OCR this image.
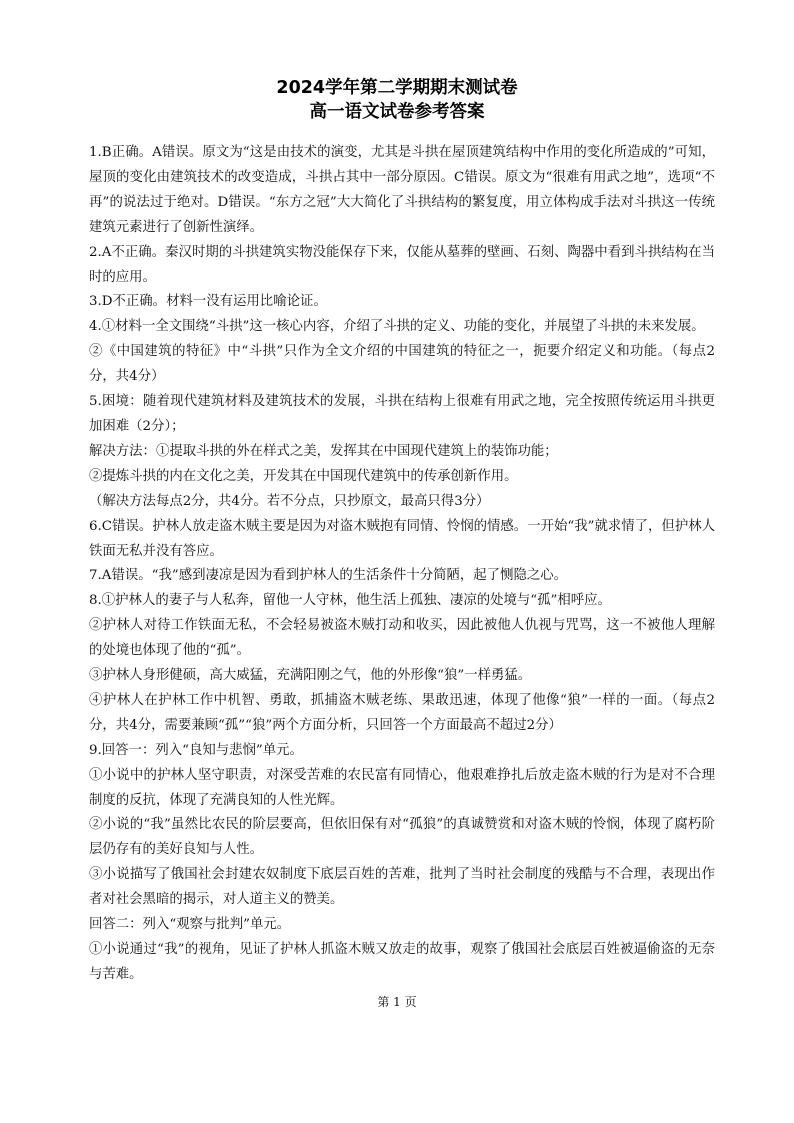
2024学年第二学期期末测试卷
高一语文试卷参考答案

1.B正确。A错误。原文为“这是由技术的演变，尤其是斗拱在屋顶建筑结构中作用的变化所造成的”可知，屋顶的变化由建筑技术的改变造成，斗拱占其中一部分原因。C错误。原文为“很难有用武之地”，选项“不再”的说法过于绝对。D错误。“东方之冠”大大简化了斗拱结构的繁复度，用立体构成手法对斗拱这一传统建筑元素进行了创新性演绎。

2.A不正确。秦汉时期的斗拱建筑实物没能保存下来，仅能从墓葬的壁画、石刻、陶器中看到斗拱结构在当时的应用。

3.D不正确。材料一没有运用比喻论证。

4.①材料一全文围绕“斗拱”这一核心内容，介绍了斗拱的定义、功能的变化，并展望了斗拱的未来发展。

②《中国建筑的特征》中“斗拱”只作为全文介绍的中国建筑的特征之一，扼要介绍定义和功能。（每点2分，共4分）

5.困境：随着现代建筑材料及建筑技术的发展，斗拱在结构上很难有用武之地，完全按照传统运用斗拱更加困难（2分）；

解决方法：①提取斗拱的外在样式之美，发挥其在中国现代建筑上的装饰功能；

②提炼斗拱的内在文化之美，开发其在中国现代建筑中的传承创新作用。

（解决方法每点2分，共4分。若不分点，只抄原文，最高只得3分）

6.C错误。护林人放走盗木贼主要是因为对盗木贼抱有同情、怜悯的情感。一开始“我”就求情了，但护林人铁面无私并没有答应。

7.A错误。“我”感到凄凉是因为看到护林人的生活条件十分简陋，起了恻隐之心。

8.①护林人的妻子与人私奔，留他一人守林，他生活上孤独、凄凉的处境与“孤”相呼应。

②护林人对待工作铁面无私，不会轻易被盗木贼打动和收买，因此被他人仇视与咒骂，这一不被他人理解的处境也体现了他的“孤”。

③护林人身形健硕，高大威猛，充满阳刚之气，他的外形像“狼”一样勇猛。

④护林人在护林工作中机智、勇敢，抓捕盗木贼老练、果敢迅速，体现了他像“狼”一样的一面。（每点2分，共4分，需要兼顾“孤”“狼”两个方面分析，只回答一个方面最高不超过2分）

9.回答一：列入“良知与悲悯”单元。

①小说中的护林人坚守职责，对深受苦难的农民富有同情心，他艰难挣扎后放走盗木贼的行为是对不合理制度的反抗，体现了充满良知的人性光辉。

②小说的“我”虽然比农民的阶层要高，但依旧保有对“孤狼”的真诚赞赏和对盗木贼的怜悯，体现了腐朽阶层仍存有的美好良知与人性。

③小说描写了俄国社会封建农奴制度下底层百姓的苦难，批判了当时社会制度的残酷与不合理，表现出作者对社会黑暗的揭示，对人道主义的赞美。

回答二：列入“观察与批判”单元。

①小说通过“我”的视角，见证了护林人抓盗木贼又放走的故事，观察了俄国社会底层百姓被逼偷盗的无奈与苦难。

第 1 页
